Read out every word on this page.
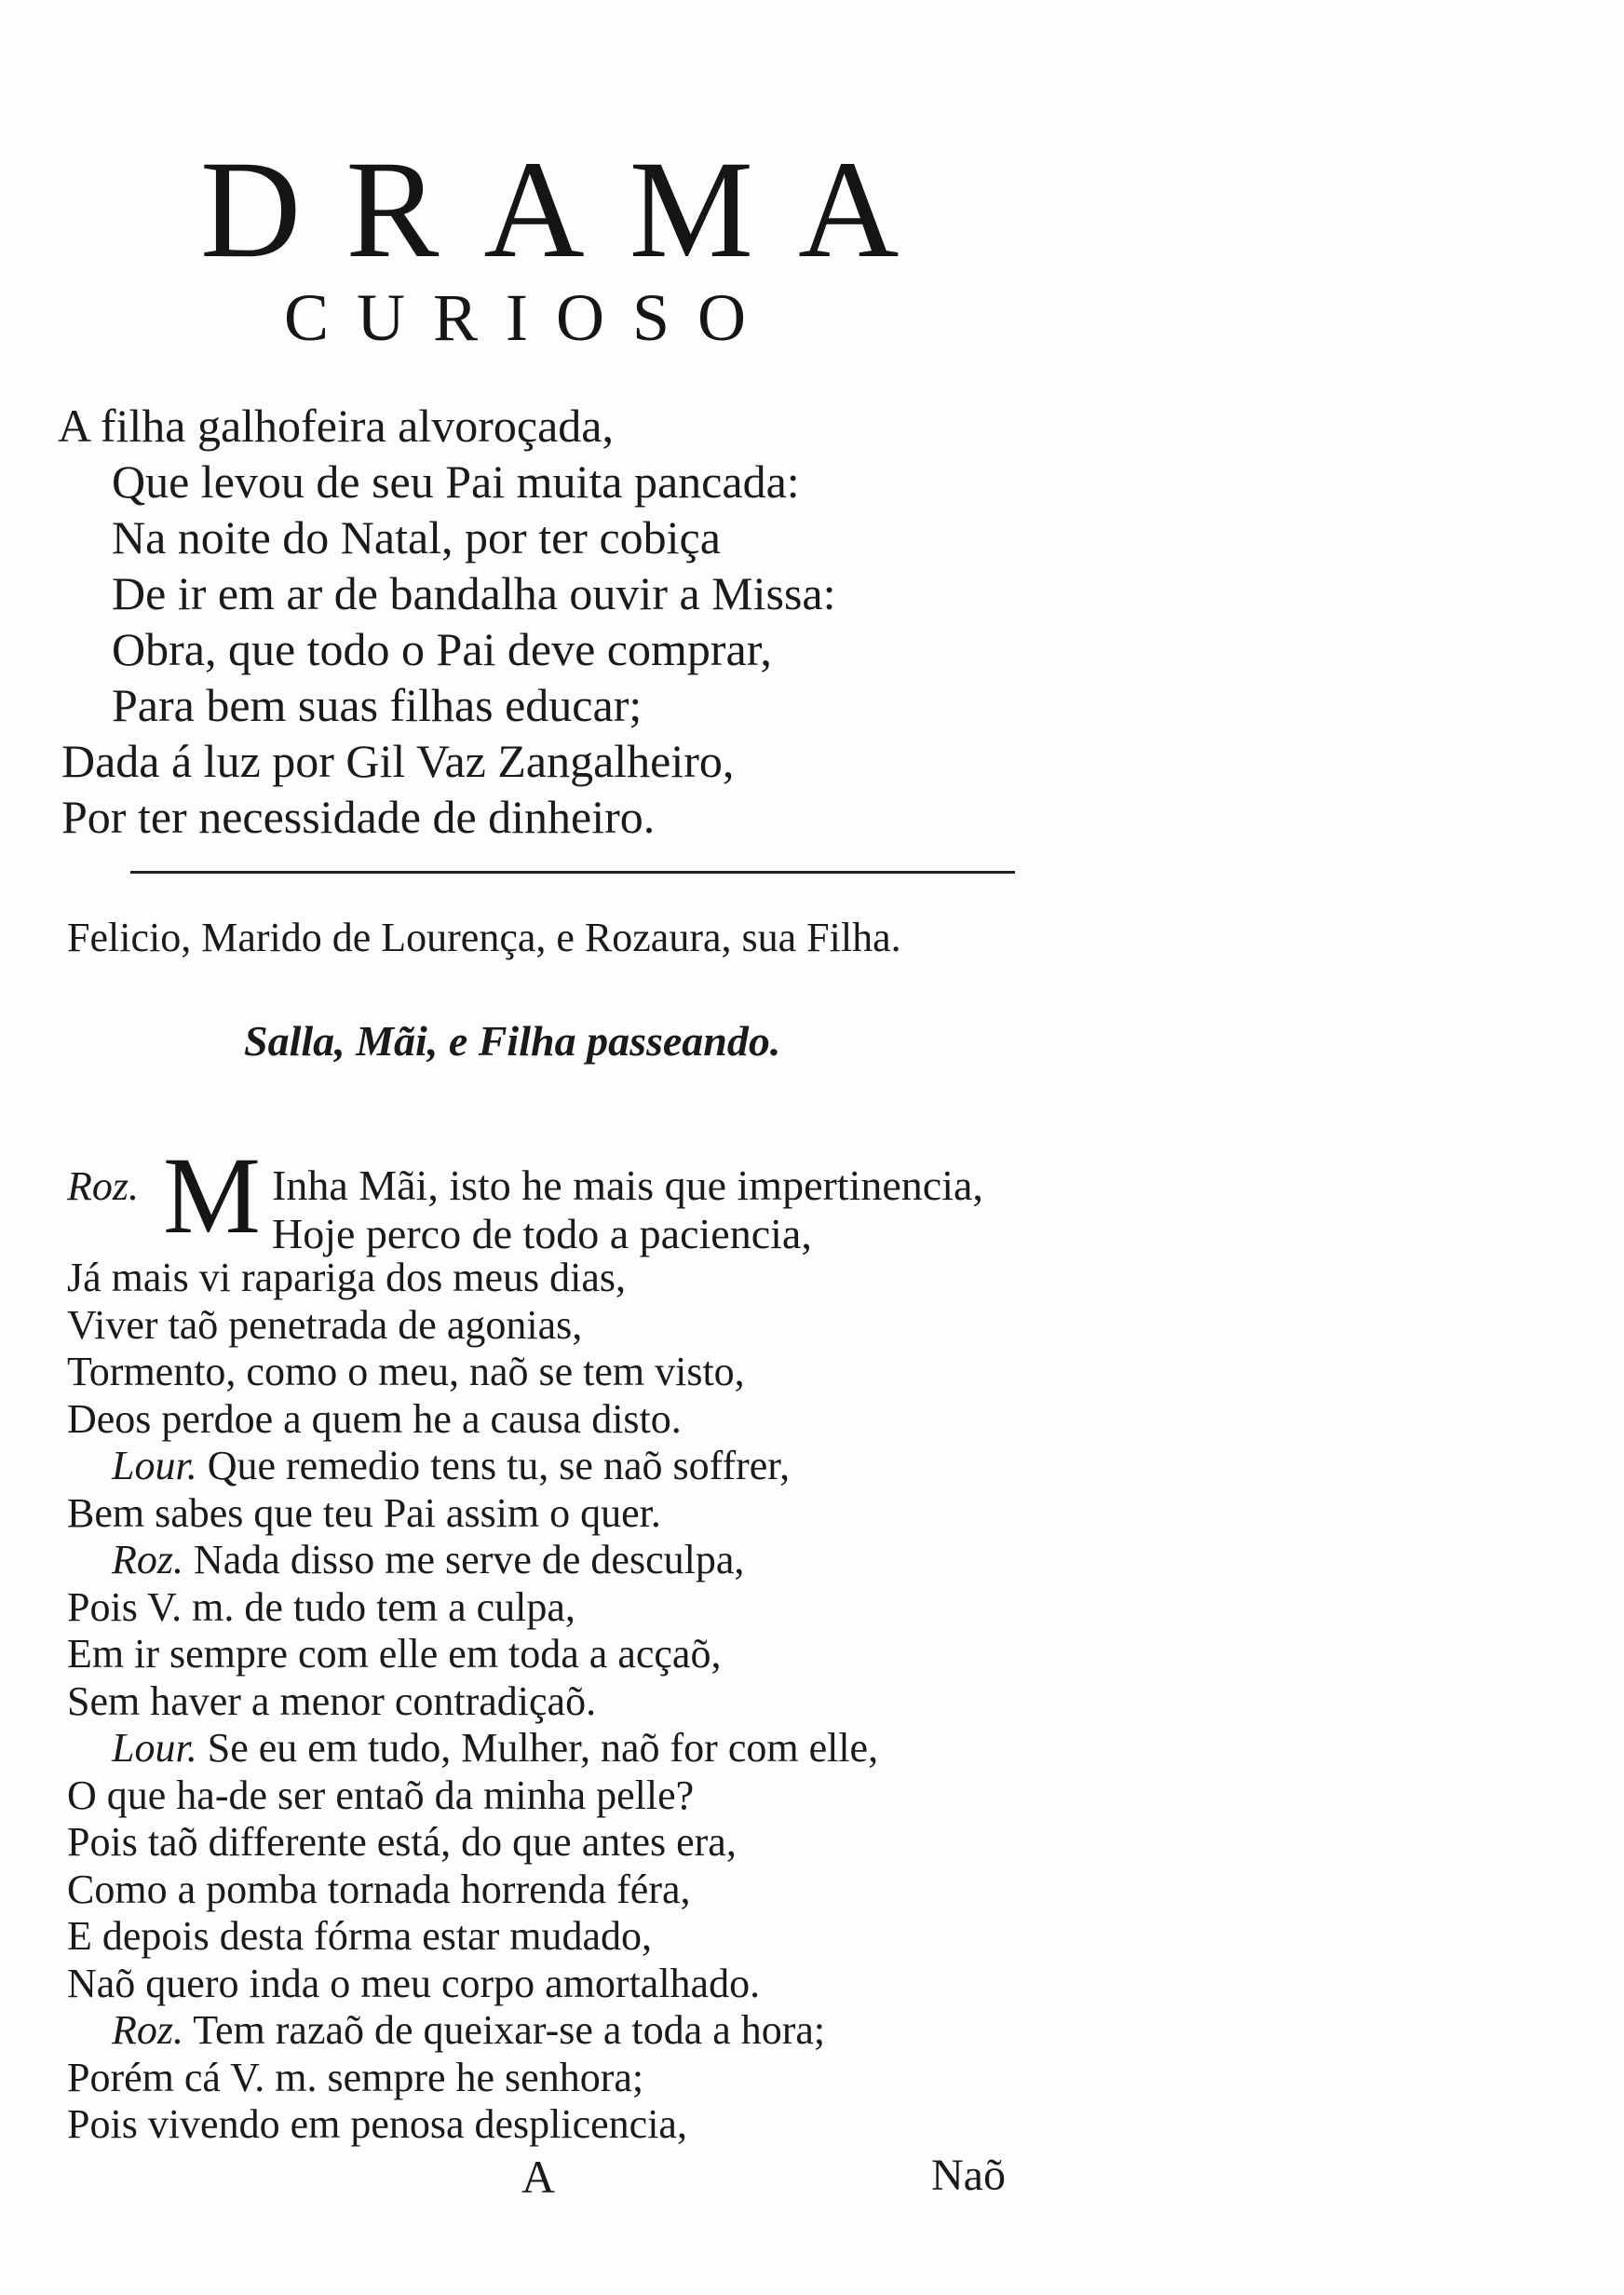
DRAMA
CURIOSO
A filha galhofeira alvoroçada,
Que levou de seu Pai muita pancada:
Na noite do Natal, por ter cobiça
De ir em ar de bandalha ouvir a Missa:
Obra, que todo o Pai deve comprar,
Para bem suas filhas educar;
Dada á luz por Gil Vaz Zangalheiro,
Por ter necessidade de dinheiro.
Felicio, Marido de Lourença, e Rozaura, sua Filha.
Salla, Mãi, e Filha passeando.
Roz. M Inha Mãi, isto he mais que impertinencia,
Hoje perco de todo a paciencia,
Já mais vi rapariga dos meus dias,
Viver taõ penetrada de agonias,
Tormento, como o meu, naõ se tem visto,
Deos perdoe a quem he a causa disto.
Lour. Que remedio tens tu, se naõ soffrer,
Bem sabes que teu Pai assim o quer.
Roz. Nada disso me serve de desculpa,
Pois V. m. de tudo tem a culpa,
Em ir sempre com elle em toda a acçaõ,
Sem haver a menor contradiçaõ.
Lour. Se eu em tudo, Mulher, naõ for com elle,
O que ha-de ser entaõ da minha pelle?
Pois taõ differente está, do que antes era,
Como a pomba tornada horrenda féra,
E depois desta fórma estar mudado,
Naõ quero inda o meu corpo amortalhado.
Roz. Tem razaõ de queixar-se a toda a hora;
Porém cá V. m. sempre he senhora;
Pois vivendo em penosa desplicencia,
A	Naõ
